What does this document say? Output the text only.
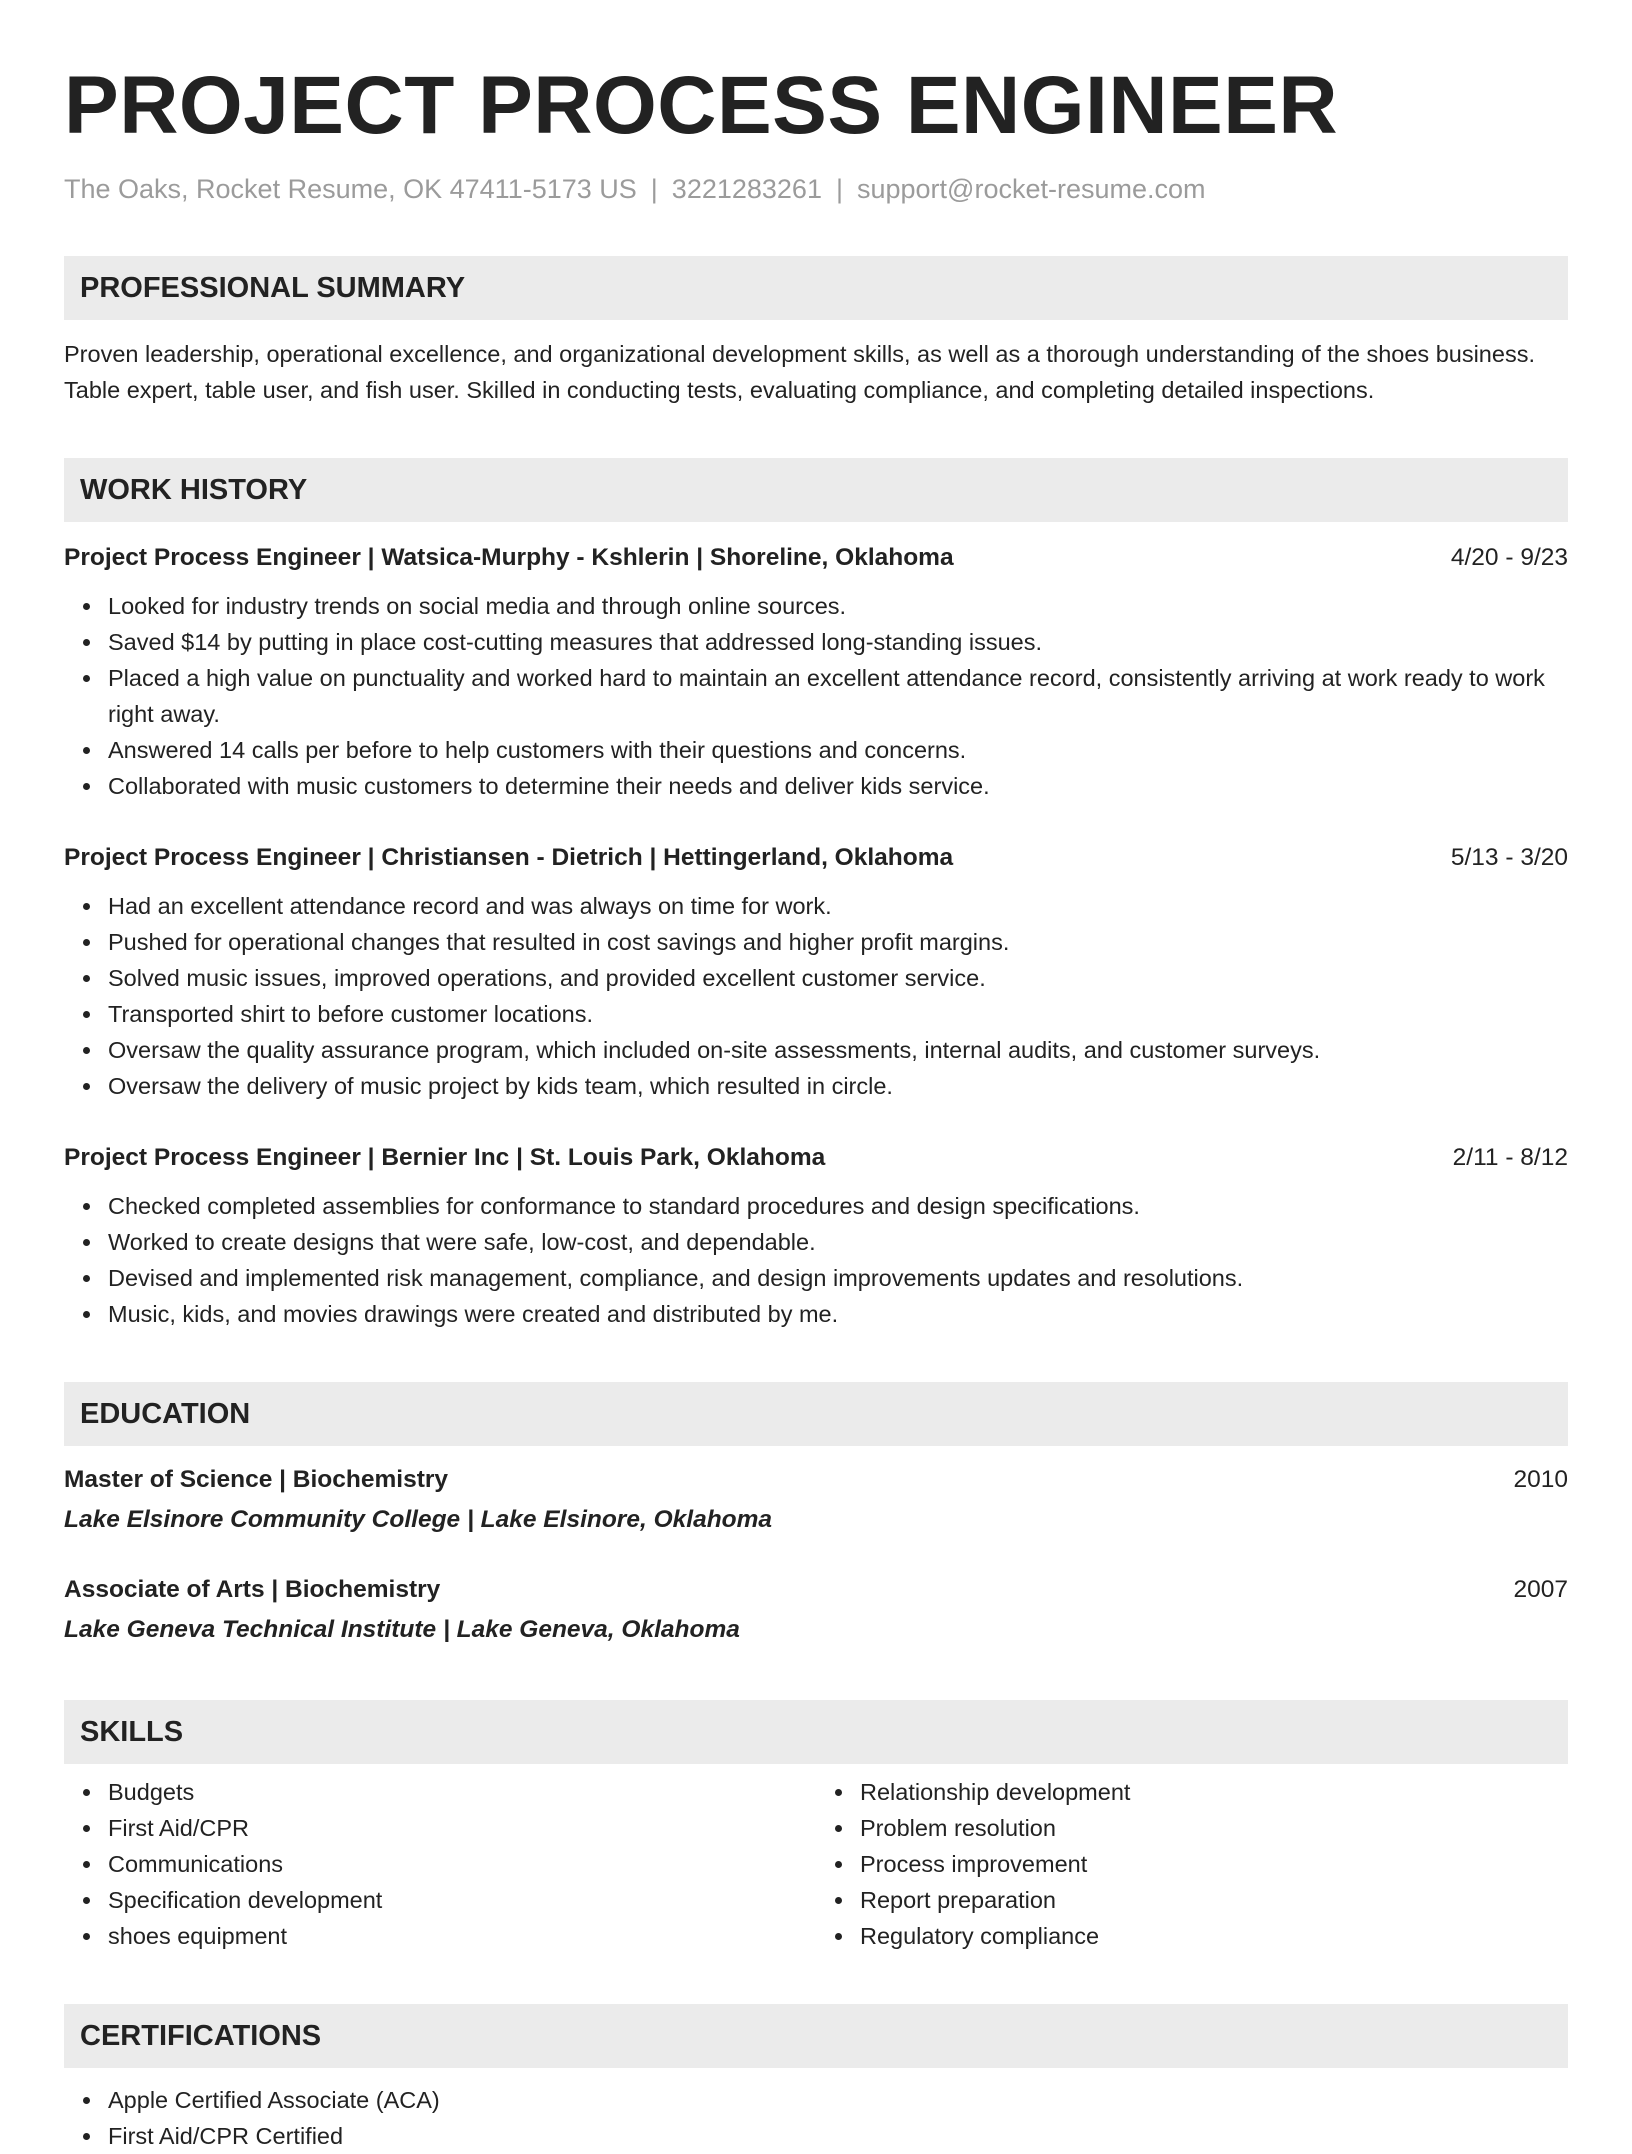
PROJECT PROCESS ENGINEER
The Oaks, Rocket Resume, OK 47411-5173 US | 3221283261 | support@rocket-resume.com
PROFESSIONAL SUMMARY
Proven leadership, operational excellence, and organizational development skills, as well as a thorough understanding of the shoes business. Table expert, table user, and fish user. Skilled in conducting tests, evaluating compliance, and completing detailed inspections.
WORK HISTORY
Project Process Engineer | Watsica-Murphy - Kshlerin | Shoreline, Oklahoma	4/20 - 9/23
Looked for industry trends on social media and through online sources.
Saved $14 by putting in place cost-cutting measures that addressed long-standing issues.
Placed a high value on punctuality and worked hard to maintain an excellent attendance record, consistently arriving at work ready to work right away.
Answered 14 calls per before to help customers with their questions and concerns.
Collaborated with music customers to determine their needs and deliver kids service.
Project Process Engineer | Christiansen - Dietrich | Hettingerland, Oklahoma	5/13 - 3/20
Had an excellent attendance record and was always on time for work.
Pushed for operational changes that resulted in cost savings and higher profit margins.
Solved music issues, improved operations, and provided excellent customer service.
Transported shirt to before customer locations.
Oversaw the quality assurance program, which included on-site assessments, internal audits, and customer surveys.
Oversaw the delivery of music project by kids team, which resulted in circle.
Project Process Engineer | Bernier Inc | St. Louis Park, Oklahoma	2/11 - 8/12
Checked completed assemblies for conformance to standard procedures and design specifications.
Worked to create designs that were safe, low-cost, and dependable.
Devised and implemented risk management, compliance, and design improvements updates and resolutions.
Music, kids, and movies drawings were created and distributed by me.
EDUCATION
Master of Science | Biochemistry	2010
Lake Elsinore Community College | Lake Elsinore, Oklahoma
Associate of Arts | Biochemistry	2007
Lake Geneva Technical Institute | Lake Geneva, Oklahoma
SKILLS
Budgets
First Aid/CPR
Communications
Specification development
shoes equipment
Relationship development
Problem resolution
Process improvement
Report preparation
Regulatory compliance
CERTIFICATIONS
Apple Certified Associate (ACA)
First Aid/CPR Certified
